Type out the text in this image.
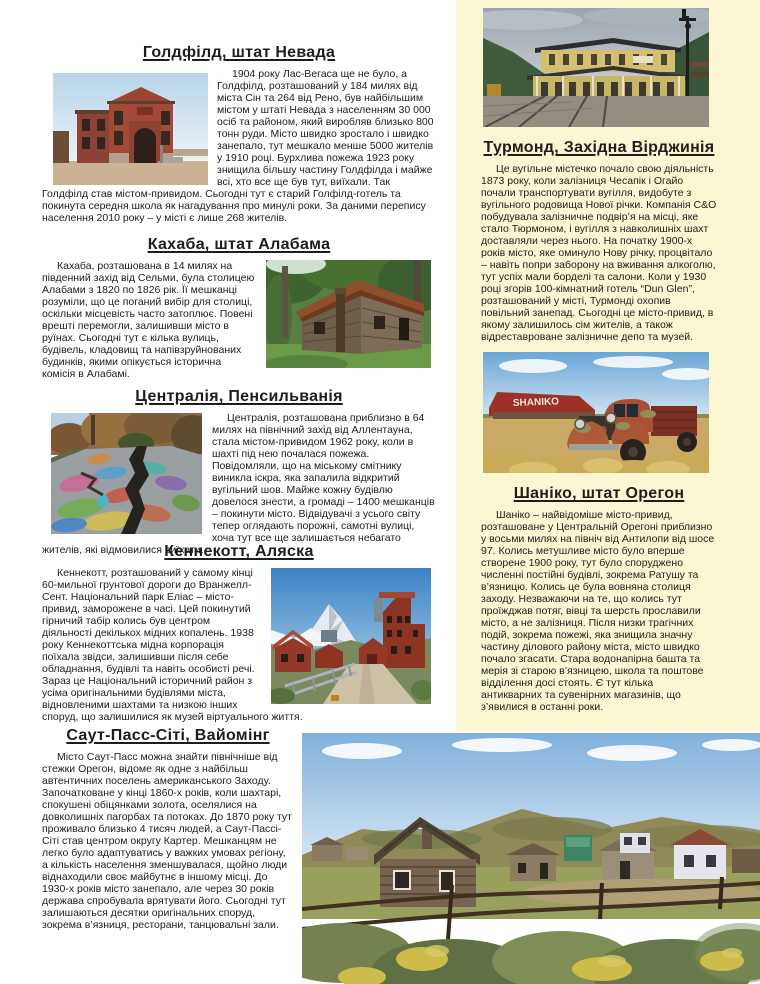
Голдфілд, штат Невада

1904 року Лас-Вегаса ще не було, а Голдфілд, розташований у 184 милях від міста Сін та 264 від Рено, був найбільшим містом у штаті Невада з населенням 30 000 осіб та районом, який виробляв близько 800 тонн руди. Місто швидко зростало і швидко занепало, тут мешкало менше 5000 жителів у 1910 році. Бурхлива пожежа 1923 року знищила більшу частину Голдфілда і майже всі, хто все ще був тут, виїхали. Так Голдфілд став містом-привидом. Сьогодні тут є старий Голфілд-готель та покинута середня школа як нагадування про минулі роки. За даними перепису населення 2010 року – у місті є лише 268 жителів.

Кахаба, штат Алабама

Кахаба, розташована в 14 милях на південний захід від Сельми, була столицею Алабами з 1820 по 1826 рік. Її мешканці розуміли, що це поганий вибір для столиці, оскільки місцевість часто затоплює. Повені врешті перемогли, залишивши місто в руїнах. Сьогодні тут є кілька вулиць, будівель, кладовищ та напівзруйнованих будинків, якими опікується історична комісія в Алабамі.

Централія, Пенсильванія

Централія, розташована приблизно в 64 милях на північний захід від Аллентауна, стала містом-привидом 1962 року, коли в шахті під нею почалася пожежа. Повідомляли, що на міському смітнику виникла іскра, яка запалила відкритий вугільний шов. Майже кожну будівлю довелося знести, а громаді – 1400 мешканців – покинути місто. Відвідувачі з усього світу тепер оглядають порожні, самотні вулиці, хоча тут все ще залишається небагато жителів, які відмовилися виїхати.

Кеннекотт, Аляска

Кеннекотт, розташований у самому кінці 60-мильної грунтової дороги до Вранжелл-Сент. Національний парк Еліас – місто-привид, заморожене в часі. Цей покинутий гірничий табір колись був центром діяльності декількох мідних копалень. 1938 року Кеннекоттська мідна корпорація поїхала звідси, залишивши після себе обладнання, будівлі та навіть особисті речі. Зараз це Національний історичний район з усіма оригінальними будівлями міста, відновленими шахтами та низкою інших споруд, що залишилися як музей віртуального життя.

Саут-Пасс-Сіті, Вайомінг

Місто Саут-Пасс можна знайти північніше від стежки Орегон, відоме як одне з найбільш автентичних поселень американського Заходу. Започатковане у кінці 1860-х років, коли шахтарі, спокушені обіцянками золота, оселялися на довколишніх пагорбах та потоках. До 1870 року тут проживало близько 4 тисяч людей, а Саут-Пассі-Сіті став центром округу Картер. Мешканцям не легко було адаптуватись у важких умовах регіону, а кількість населення зменшувалася, щойно люди віднаходили своє майбутнє в іншому місці. До 1930-х років місто занепало, але через 30 років держава спробувала врятувати його. Сьогодні тут залишаються десятки оригінальних споруд, зокрема в’язниця, ресторани, танцювальні зали.

Турмонд, Західна Вірджинія

Це вугільне містечко почало свою діяльність 1873 року, коли залізниця Чесапік і Огайо почали транспортувати вугілля, видобуте з вугільного родовища Нової річки. Компанія C&O побудувала залізничне подвір’я на місці, яке стало Тюрмоном, і вугілля з навколишніх шахт доставляли через нього. На початку 1900-х років місто, яке оминуло Нову річку, процвітало – навіть попри заборону на вживання алкоголю, тут успіх мали борделі та салони. Коли у 1930 році згорів 100-кімнатний готель “Dun Glen”, розташований у місті, Турмонді охопив повільний занепад. Сьогодні це місто-привид, в якому залишилось сім жителів, а також відреставроване залізничне депо та музей.

SHANIKO
Шаніко, штат Орегон

Шаніко – найвідоміше місто-привид, розташоване у Центральній Орегоні приблизно у восьми милях на північ від Антилопи від шосе 97. Колись метушливе місто було вперше створене 1900 року, тут було споруджено численні постійні будівлі, зокрема Ратушу та в’язницю. Колись це була вовняна столиця заходу. Незважаючи на те, що колись тут проїжджав потяг, вівці та шерсть прославили місто, а не залізниця. Після низки трагічних подій, зокрема пожежі, яка знищила значну частину ділового району міста, місто швидко почало згасати. Стара водонапірна башта та мерія зі старою в’язницею, школа та поштове відділення досі стоять. Є тут кілька антикварних та сувенірних магазинів, що з’явилися в останні роки.
